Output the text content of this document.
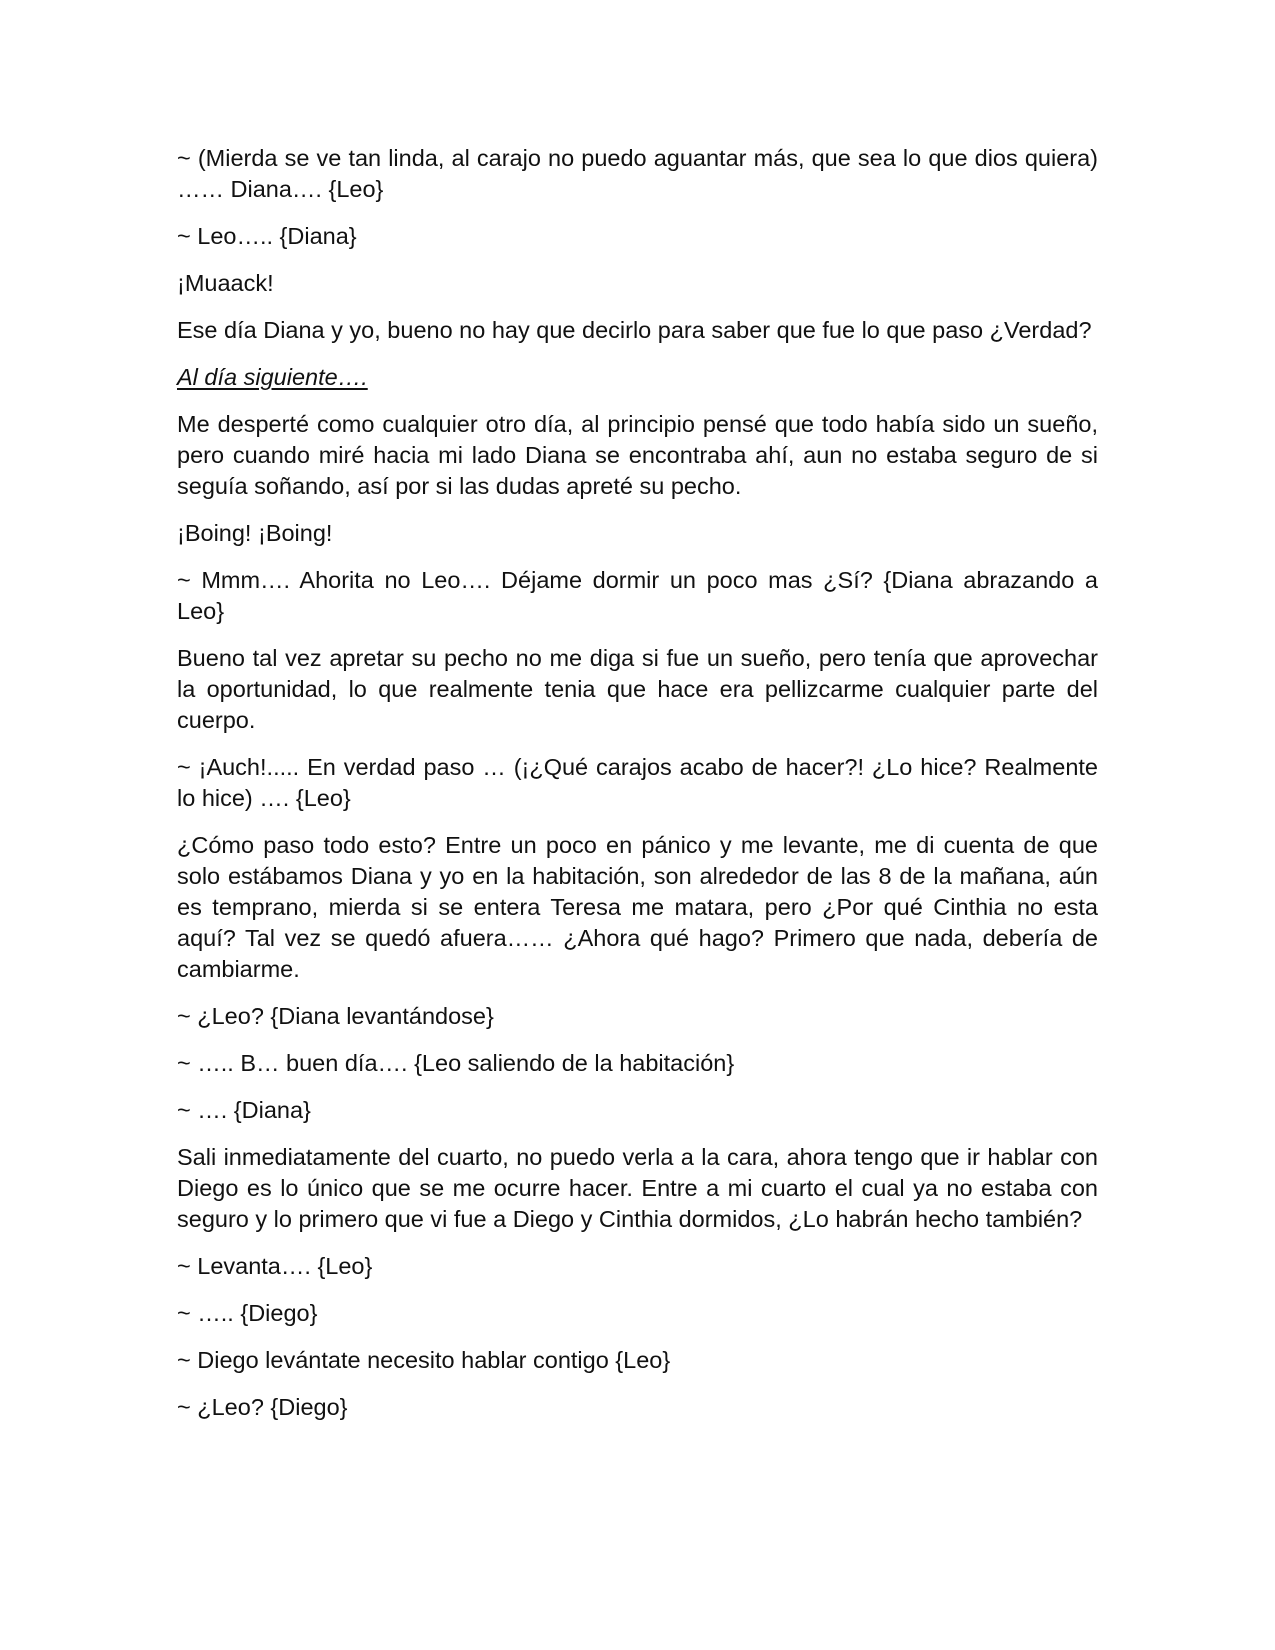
~ (Mierda se ve tan linda, al carajo no puedo aguantar más, que sea lo que dios quiera) …… Diana…. {Leo}

~ Leo….. {Diana}

¡Muaack!

Ese día Diana y yo, bueno no hay que decirlo para saber que fue lo que paso ¿Verdad?

Al día siguiente….

Me desperté como cualquier otro día, al principio pensé que todo había sido un sueño, pero cuando miré hacia mi lado Diana se encontraba ahí, aun no estaba seguro de si seguía soñando, así por si las dudas apreté su pecho.

¡Boing! ¡Boing!

~ Mmm…. Ahorita no Leo…. Déjame dormir un poco mas ¿Sí? {Diana abrazando a Leo}

Bueno tal vez apretar su pecho no me diga si fue un sueño, pero tenía que aprovechar la oportunidad, lo que realmente tenia que hace era pellizcarme cualquier parte del cuerpo.

~ ¡Auch!..... En verdad paso … (¡¿Qué carajos acabo de hacer?! ¿Lo hice? Realmente lo hice) …. {Leo}

¿Cómo paso todo esto? Entre un poco en pánico y me levante, me di cuenta de que solo estábamos Diana y yo en la habitación, son alrededor de las 8 de la mañana, aún es temprano, mierda si se entera Teresa me matara, pero ¿Por qué Cinthia no esta aquí? Tal vez se quedó afuera…… ¿Ahora qué hago? Primero que nada, debería de cambiarme.

~ ¿Leo? {Diana levantándose}

~ ….. B… buen día…. {Leo saliendo de la habitación}

~ …. {Diana}

Sali inmediatamente del cuarto, no puedo verla a la cara, ahora tengo que ir hablar con Diego es lo único que se me ocurre hacer. Entre a mi cuarto el cual ya no estaba con seguro y lo primero que vi fue a Diego y Cinthia dormidos, ¿Lo habrán hecho también?

~ Levanta…. {Leo}

~ ….. {Diego}

~ Diego levántate necesito hablar contigo {Leo}

~ ¿Leo? {Diego}
